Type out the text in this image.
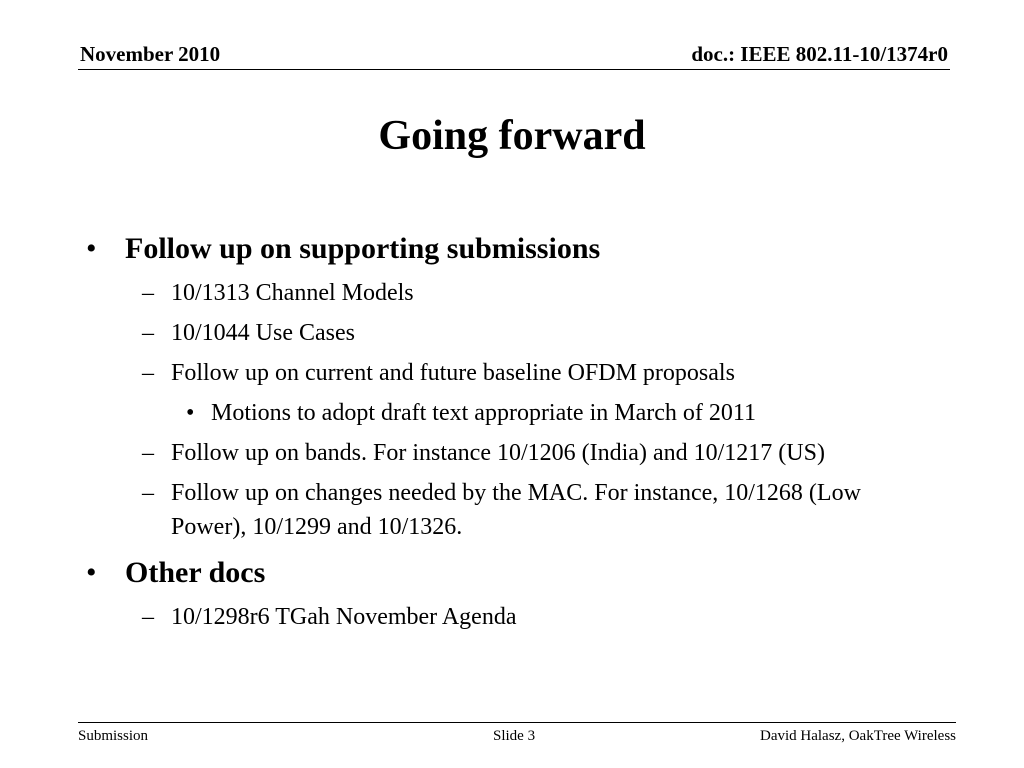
November 2010	doc.: IEEE 802.11-10/1374r0
Going forward
• Follow up on supporting submissions
– 10/1313 Channel Models
– 10/1044 Use Cases
– Follow up on current and future baseline OFDM proposals
• Motions to adopt draft text appropriate in March of 2011
– Follow up on bands. For instance 10/1206 (India) and 10/1217 (US)
– Follow up on changes needed by the MAC. For instance, 10/1268 (Low Power), 10/1299 and 10/1326.
• Other docs
– 10/1298r6 TGah November Agenda
Submission	Slide 3	David Halasz, OakTree Wireless
